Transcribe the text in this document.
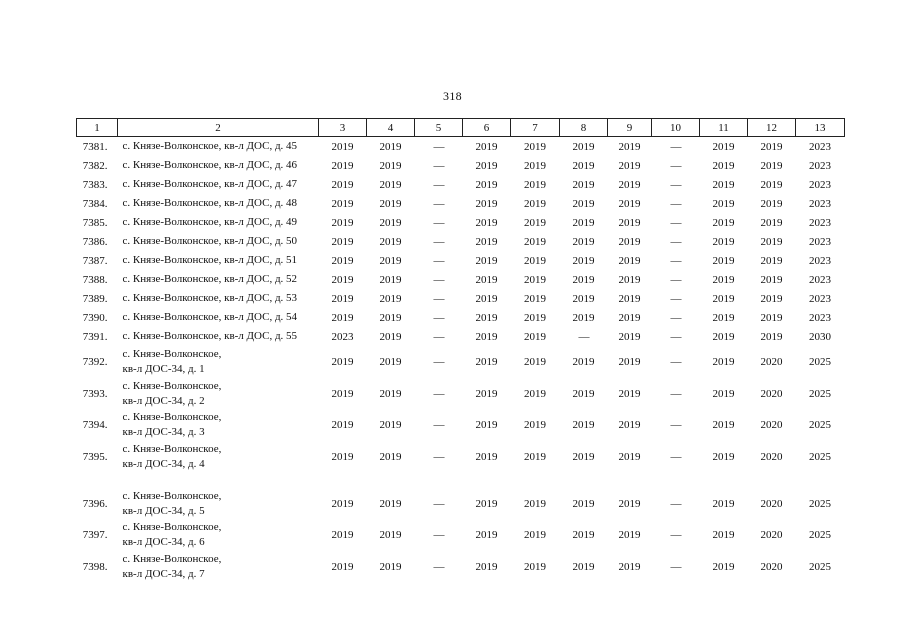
318
1	2	3	4	5	6	7	8	9	10	11	12	13
7381.	с. Князе-Волконское, кв-л ДОС, д. 45	2019	2019	—	2019	2019	2019	2019	—	2019	2019	2023
7382.	с. Князе-Волконское, кв-л ДОС, д. 46	2019	2019	—	2019	2019	2019	2019	—	2019	2019	2023
7383.	с. Князе-Волконское, кв-л ДОС, д. 47	2019	2019	—	2019	2019	2019	2019	—	2019	2019	2023
7384.	с. Князе-Волконское, кв-л ДОС, д. 48	2019	2019	—	2019	2019	2019	2019	—	2019	2019	2023
7385.	с. Князе-Волконское, кв-л ДОС, д. 49	2019	2019	—	2019	2019	2019	2019	—	2019	2019	2023
7386.	с. Князе-Волконское, кв-л ДОС, д. 50	2019	2019	—	2019	2019	2019	2019	—	2019	2019	2023
7387.	с. Князе-Волконское, кв-л ДОС, д. 51	2019	2019	—	2019	2019	2019	2019	—	2019	2019	2023
7388.	с. Князе-Волконское, кв-л ДОС, д. 52	2019	2019	—	2019	2019	2019	2019	—	2019	2019	2023
7389.	с. Князе-Волконское, кв-л ДОС, д. 53	2019	2019	—	2019	2019	2019	2019	—	2019	2019	2023
7390.	с. Князе-Волконское, кв-л ДОС, д. 54	2019	2019	—	2019	2019	2019	2019	—	2019	2019	2023
7391.	с. Князе-Волконское, кв-л ДОС, д. 55	2023	2019	—	2019	2019	—	2019	—	2019	2019	2030
7392.	с. Князе-Волконское,
кв-л ДОС-34, д. 1	2019	2019	—	2019	2019	2019	2019	—	2019	2020	2025
7393.	с. Князе-Волконское,
кв-л ДОС-34, д. 2	2019	2019	—	2019	2019	2019	2019	—	2019	2020	2025
7394.	с. Князе-Волконское,
кв-л ДОС-34, д. 3	2019	2019	—	2019	2019	2019	2019	—	2019	2020	2025
7395.	с. Князе-Волконское,
кв-л ДОС-34, д. 4	2019	2019	—	2019	2019	2019	2019	—	2019	2020	2025

7396.	с. Князе-Волконское,
кв-л ДОС-34, д. 5	2019	2019	—	2019	2019	2019	2019	—	2019	2020	2025
7397.	с. Князе-Волконское,
кв-л ДОС-34, д. 6	2019	2019	—	2019	2019	2019	2019	—	2019	2020	2025
7398.	с. Князе-Волконское,
кв-л ДОС-34, д. 7	2019	2019	—	2019	2019	2019	2019	—	2019	2020	2025
